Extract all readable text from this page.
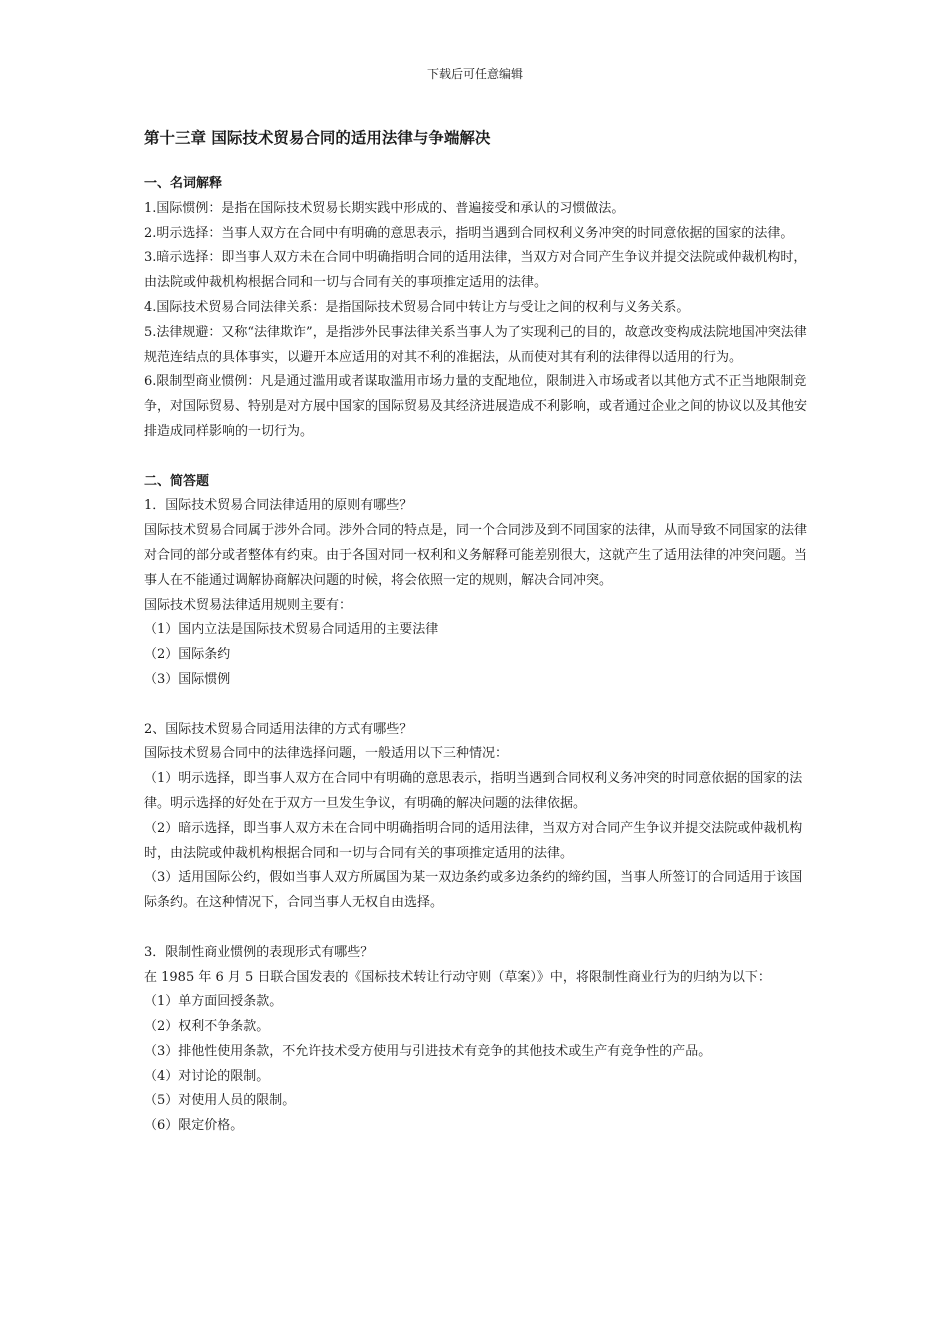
下载后可任意编辑
第十三章 国际技术贸易合同的适用法律与争端解决
一、名词解释

1.国际惯例：是指在国际技术贸易长期实践中形成的、普遍接受和承认的习惯做法。

2.明示选择：当事人双方在合同中有明确的意思表示，指明当遇到合同权利义务冲突的时同意依据的国家的法律。

3.暗示选择：即当事人双方未在合同中明确指明合同的适用法律，当双方对合同产生争议并提交法院或仲裁机构时，由法院或仲裁机构根据合同和一切与合同有关的事项推定适用的法律。

4.国际技术贸易合同法律关系：是指国际技术贸易合同中转让方与受让之间的权利与义务关系。

5.法律规避：又称“法律欺诈”，是指涉外民事法律关系当事人为了实现利己的目的，故意改变构成法院地国冲突法律规范连结点的具体事实，以避开本应适用的对其不利的准据法，从而使对其有利的法律得以适用的行为。

6.限制型商业惯例：凡是通过滥用或者谋取滥用市场力量的支配地位，限制进入市场或者以其他方式不正当地限制竞争，对国际贸易、特别是对方展中国家的国际贸易及其经济进展造成不利影响，或者通过企业之间的协议以及其他安排造成同样影响的一切行为。

二、简答题

1．国际技术贸易合同法律适用的原则有哪些？

国际技术贸易合同属于涉外合同。涉外合同的特点是，同一个合同涉及到不同国家的法律，从而导致不同国家的法律对合同的部分或者整体有约束。由于各国对同一权利和义务解释可能差别很大，这就产生了适用法律的冲突问题。当事人在不能通过调解协商解决问题的时候，将会依照一定的规则，解决合同冲突。

国际技术贸易法律适用规则主要有：

（1）国内立法是国际技术贸易合同适用的主要法律

（2）国际条约

（3）国际惯例

2、国际技术贸易合同适用法律的方式有哪些？

国际技术贸易合同中的法律选择问题，一般适用以下三种情况：

（1）明示选择，即当事人双方在合同中有明确的意思表示，指明当遇到合同权利义务冲突的时同意依据的国家的法律。明示选择的好处在于双方一旦发生争议，有明确的解决问题的法律依据。

（2）暗示选择，即当事人双方未在合同中明确指明合同的适用法律，当双方对合同产生争议并提交法院或仲裁机构时，由法院或仲裁机构根据合同和一切与合同有关的事项推定适用的法律。

（3）适用国际公约，假如当事人双方所属国为某一双边条约或多边条约的缔约国，当事人所签订的合同适用于该国际条约。在这种情况下，合同当事人无权自由选择。

3．限制性商业惯例的表现形式有哪些？

在 1985 年 6 月 5 日联合国发表的《国标技术转让行动守则（草案）》中，将限制性商业行为的归纳为以下：

（1）单方面回授条款。

（2）权利不争条款。

（3）排他性使用条款，不允许技术受方使用与引进技术有竞争的其他技术或生产有竞争性的产品。

（4）对讨论的限制。

（5）对使用人员的限制。

（6）限定价格。
